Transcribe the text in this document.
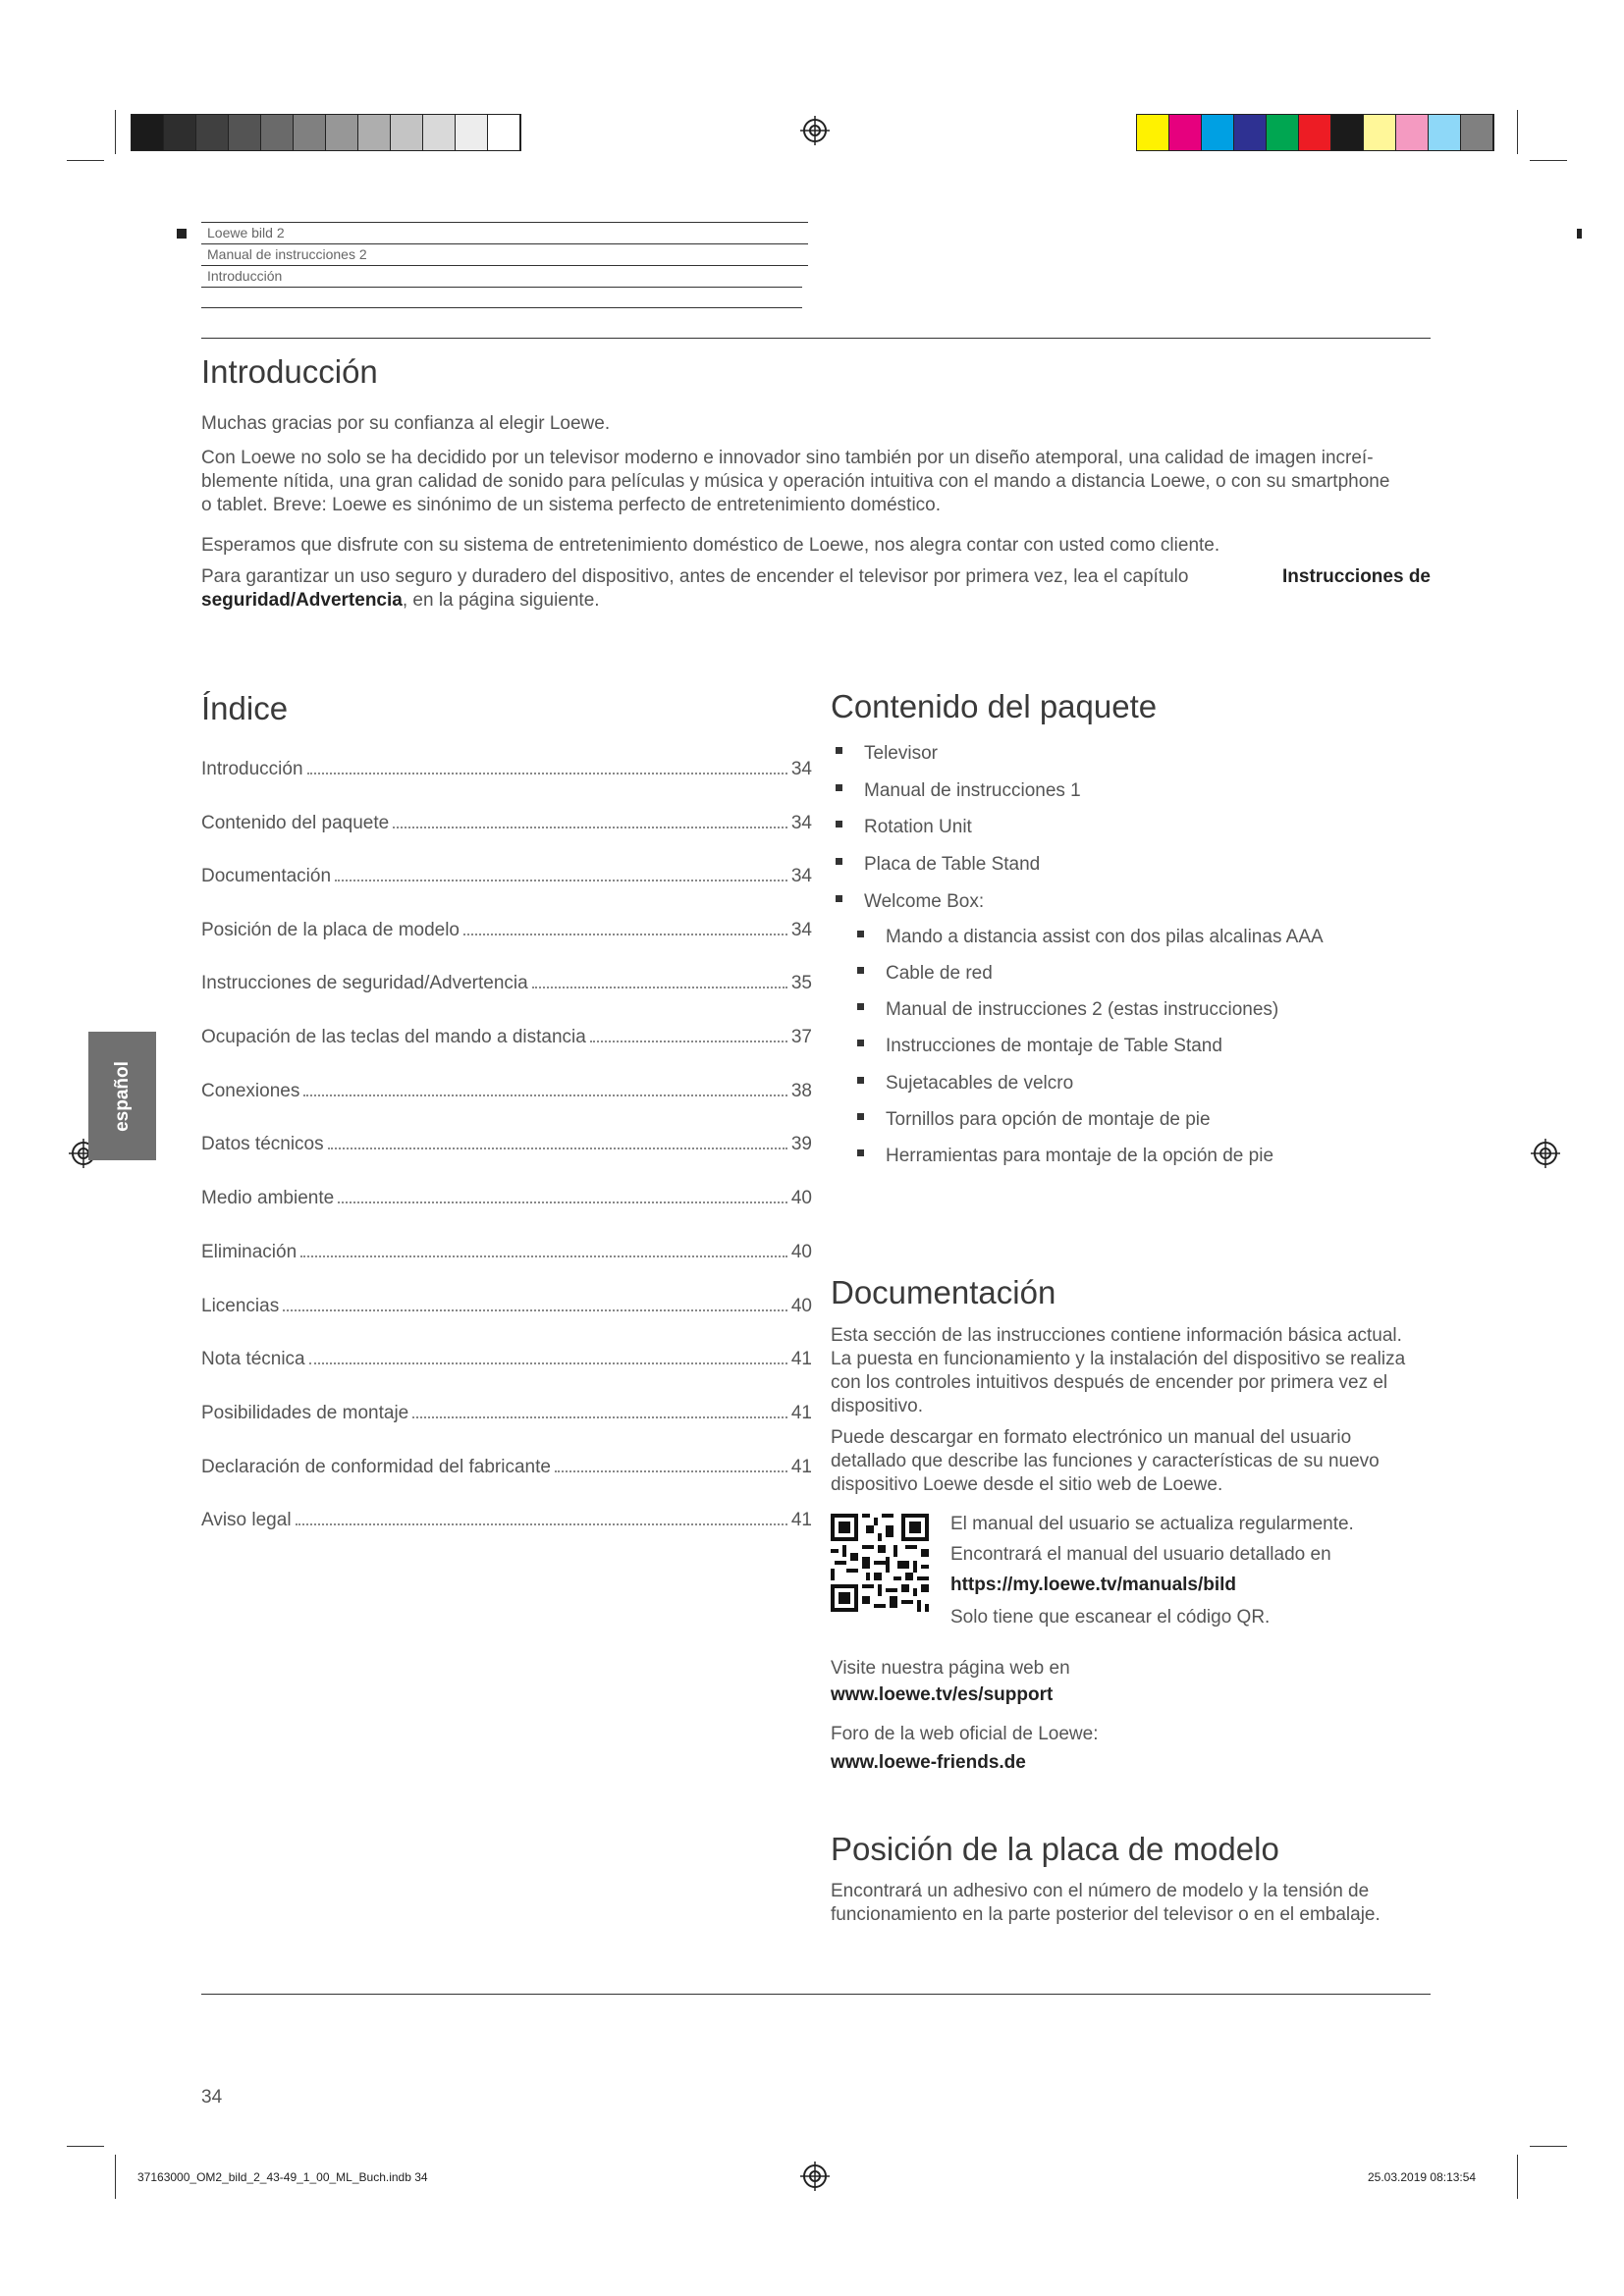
Loewe bild 2
Manual de instrucciones 2
Introducción
Introducción

Muchas gracias por su confianza al elegir Loewe.

Con Loewe no solo se ha decidido por un televisor moderno e innovador sino también por un diseño atemporal, una calidad de imagen increí-
blemente nítida, una gran calidad de sonido para películas y música y operación intuitiva con el mando a distancia Loewe, o con su smartphone
o tablet. Breve: Loewe es sinónimo de un sistema perfecto de entretenimiento doméstico.

Esperamos que disfrute con su sistema de entretenimiento doméstico de Loewe, nos alegra contar con usted como cliente.

Para garantizar un uso seguro y duradero del dispositivo, antes de encender el televisor por primera vez, lea el capítulo	Instrucciones de
seguridad/Advertencia, en la página siguiente.
Índice
Introducción	34
Contenido del paquete	34
Documentación	34
Posición de la placa de modelo	34
Instrucciones de seguridad/Advertencia	35
Ocupación de las teclas del mando a distancia	37
Conexiones	38
Datos técnicos	39
Medio ambiente	40
Eliminación	40
Licencias	40
Nota técnica	41
Posibilidades de montaje	41
Declaración de conformidad del fabricante	41
Aviso legal	41
español
Contenido del paquete
Televisor
Manual de instrucciones 1
Rotation Unit
Placa de Table Stand
Welcome Box:
Mando a distancia assist con dos pilas alcalinas AAA
Cable de red
Manual de instrucciones 2 (estas instrucciones)
Instrucciones de montaje de Table Stand
Sujetacables de velcro
Tornillos para opción de montaje de pie
Herramientas para montaje de la opción de pie
Documentación
Esta sección de las instrucciones contiene información básica actual.
La puesta en funcionamiento y la instalación del dispositivo se realiza
con los controles intuitivos después de encender por primera vez el
dispositivo.
Puede descargar en formato electrónico un manual del usuario
detallado que describe las funciones y características de su nuevo
dispositivo Loewe desde el sitio web de Loewe.
El manual del usuario se actualiza regularmente.
Encontrará el manual del usuario detallado en
https://my.loewe.tv/manuals/bild
Solo tiene que escanear el código QR.
Visite nuestra página web en
www.loewe.tv/es/support
Foro de la web oficial de Loewe:
www.loewe-friends.de
Posición de la placa de modelo
Encontrará un adhesivo con el número de modelo y la tensión de
funcionamiento en la parte posterior del televisor o en el embalaje.
34
37163000_OM2_bild_2_43-49_1_00_ML_Buch.indb 34	25.03.2019 08:13:54
